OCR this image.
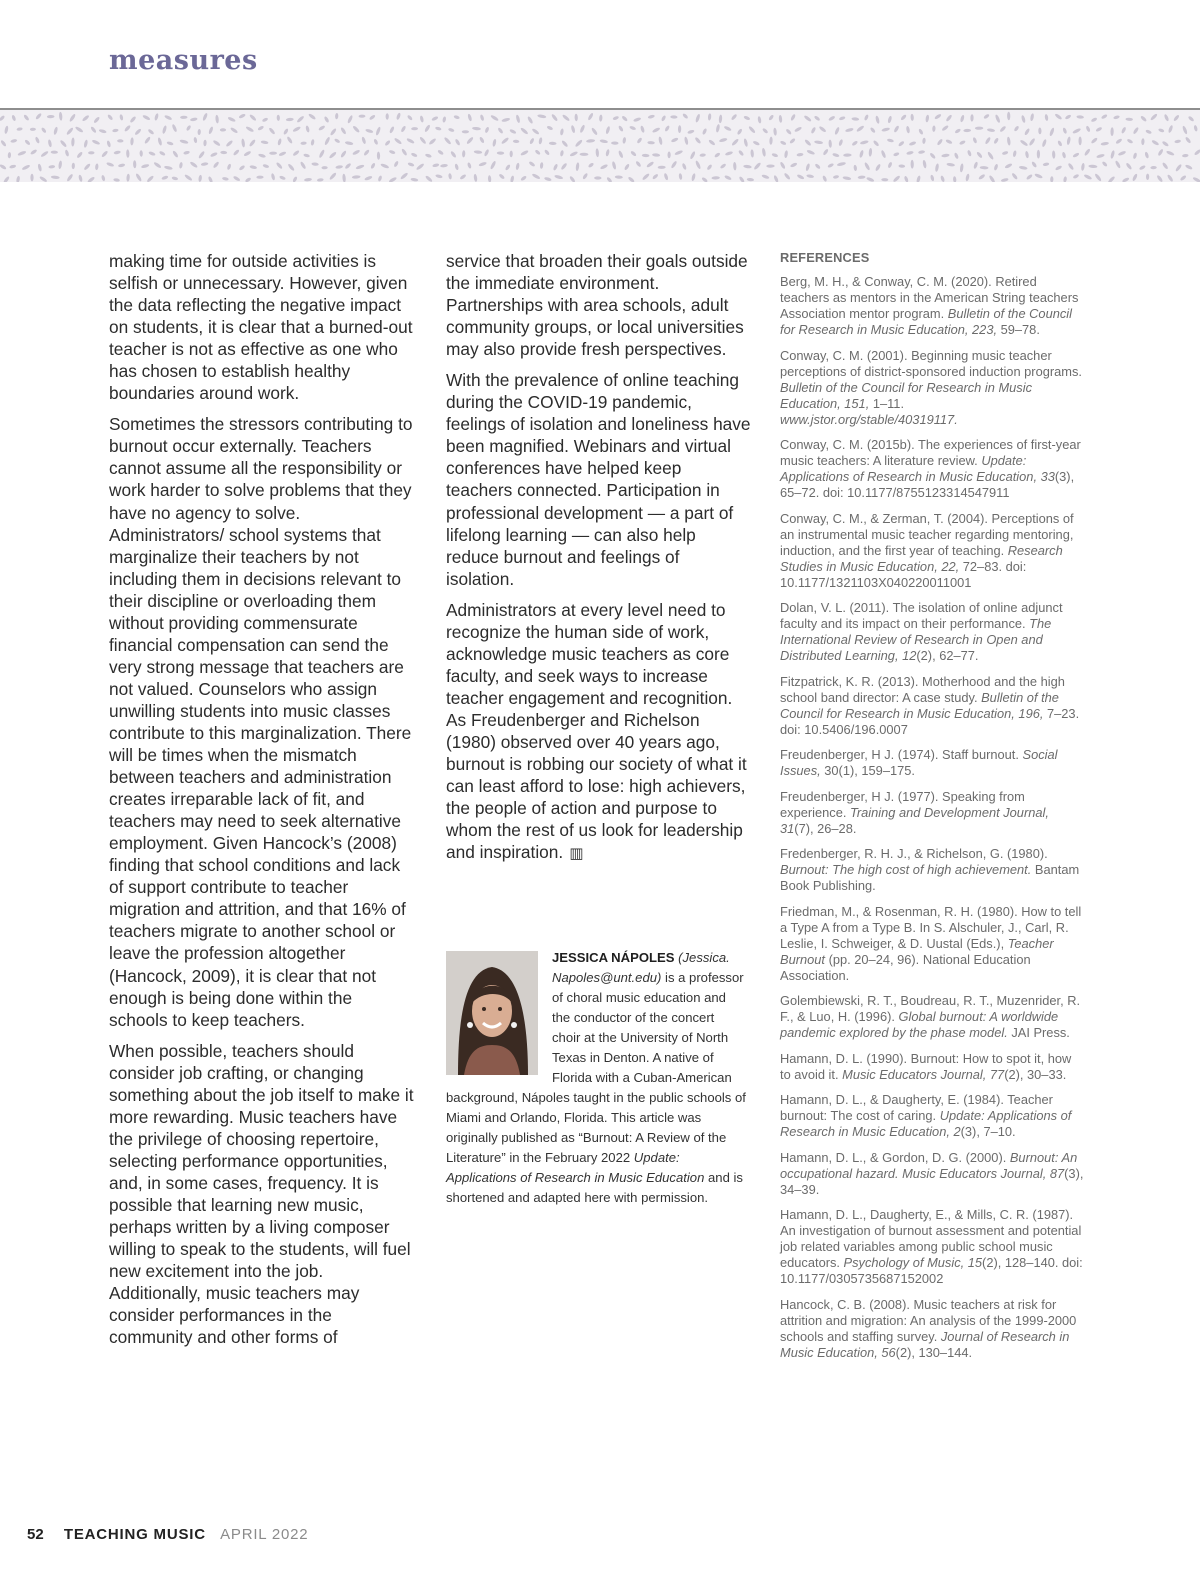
measures

making time for outside activities is selfish or unnecessary. However, given the data reflecting the negative impact on students, it is clear that a burned-out teacher is not as effective as one who has chosen to establish healthy boundaries around work.

Sometimes the stressors contributing to burnout occur externally. Teachers cannot assume all the responsibility or work harder to solve problems that they have no agency to solve. Administrators/ school systems that marginalize their teachers by not including them in decisions relevant to their discipline or overloading them without providing commensurate financial compensation can send the very strong message that teachers are not valued. Counselors who assign unwilling students into music classes contribute to this marginalization. There will be times when the mismatch between teachers and administration creates irreparable lack of fit, and teachers may need to seek alternative employment. Given Hancock’s (2008) finding that school conditions and lack of support contribute to teacher migration and attrition, and that 16% of teachers migrate to another school or leave the profession altogether (Hancock, 2009), it is clear that not enough is being done within the schools to keep teachers.

When possible, teachers should consider job crafting, or changing something about the job itself to make it more rewarding. Music teachers have the privilege of choosing repertoire, selecting performance opportunities, and, in some cases, frequency. It is possible that learning new music, perhaps written by a living composer willing to speak to the students, will fuel new excitement into the job. Additionally, music teachers may consider performances in the community and other forms of

service that broaden their goals outside the immediate environment. Partnerships with area schools, adult community groups, or local universities may also provide fresh perspectives.

With the prevalence of online teaching during the COVID-19 pandemic, feelings of isolation and loneliness have been magnified. Webinars and virtual conferences have helped keep teachers connected. Participation in professional development — a part of lifelong learning — can also help reduce burnout and feelings of isolation.

Administrators at every level need to recognize the human side of work, acknowledge music teachers as core faculty, and seek ways to increase teacher engagement and recognition. As Freudenberger and Richelson (1980) observed over 40 years ago, burnout is robbing our society of what it can least afford to lose: high achievers, the people of action and purpose to whom the rest of us look for leadership and inspiration. ▥

JESSICA NÁPOLES (Jessica. Napoles@unt.edu) is a professor of choral music education and the conductor of the concert choir at the University of North Texas in Denton. A native of Florida with a Cuban-American background, Nápoles taught in the public schools of Miami and Orlando, Florida. This article was originally published as “Burnout: A Review of the Literature” in the February 2022 Update: Applications of Research in Music Education and is shortened and adapted here with permission.
REFERENCES

Berg, M. H., & Conway, C. M. (2020). Retired teachers as mentors in the American String teachers Association mentor program. Bulletin of the Council for Research in Music Education, 223, 59–78.

Conway, C. M. (2001). Beginning music teacher perceptions of district-sponsored induction programs. Bulletin of the Council for Research in Music Education, 151, 1–11. www.jstor.org/stable/40319117.

Conway, C. M. (2015b). The experiences of first-year music teachers: A literature review. Update: Applications of Research in Music Education, 33(3), 65–72. doi: 10.1177/8755123314547911

Conway, C. M., & Zerman, T. (2004). Perceptions of an instrumental music teacher regarding mentoring, induction, and the first year of teaching. Research Studies in Music Education, 22, 72–83. doi: 10.1177/1321103X040220011001

Dolan, V. L. (2011). The isolation of online adjunct faculty and its impact on their performance. The International Review of Research in Open and Distributed Learning, 12(2), 62–77.

Fitzpatrick, K. R. (2013). Motherhood and the high school band director: A case study. Bulletin of the Council for Research in Music Education, 196, 7–23. doi: 10.5406/196.0007

Freudenberger, H J. (1974). Staff burnout. Social Issues, 30(1), 159–175.

Freudenberger, H J. (1977). Speaking from experience. Training and Development Journal, 31(7), 26–28.

Fredenberger, R. H. J., & Richelson, G. (1980). Burnout: The high cost of high achievement. Bantam Book Publishing.

Friedman, M., & Rosenman, R. H. (1980). How to tell a Type A from a Type B. In S. Alschuler, J., Carl, R. Leslie, I. Schweiger, & D. Uustal (Eds.), Teacher Burnout (pp. 20–24, 96). National Education Association.

Golembiewski, R. T., Boudreau, R. T., Muzenrider, R. F., & Luo, H. (1996). Global burnout: A worldwide pandemic explored by the phase model. JAI Press.

Hamann, D. L. (1990). Burnout: How to spot it, how to avoid it. Music Educators Journal, 77(2), 30–33.

Hamann, D. L., & Daugherty, E. (1984). Teacher burnout: The cost of caring. Update: Applications of Research in Music Education, 2(3), 7–10.

Hamann, D. L., & Gordon, D. G. (2000). Burnout: An occupational hazard. Music Educators Journal, 87(3), 34–39.

Hamann, D. L., Daugherty, E., & Mills, C. R. (1987). An investigation of burnout assessment and potential job related variables among public school music educators. Psychology of Music, 15(2), 128–140. doi: 10.1177/0305735687152002

Hancock, C. B. (2008). Music teachers at risk for attrition and migration: An analysis of the 1999-2000 schools and staffing survey. Journal of Research in Music Education, 56(2), 130–144.

52 TEACHING MUSIC APRIL 2022
